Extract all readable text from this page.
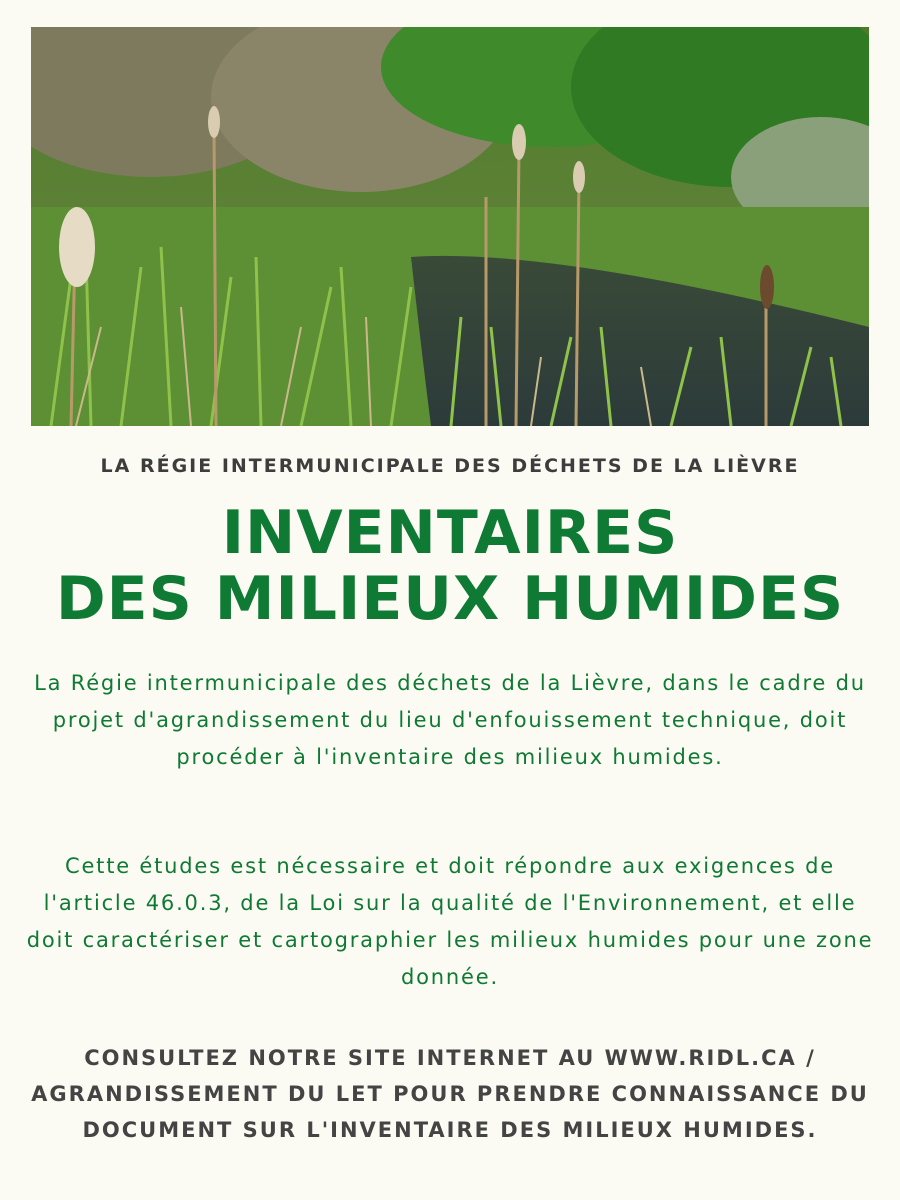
LA RÉGIE INTERMUNICIPALE DES DÉCHETS DE LA LIÈVRE
INVENTAIRES
DES MILIEUX HUMIDES
La Régie intermunicipale des déchets de la Lièvre, dans le cadre du projet d'agrandissement du lieu d'enfouissement technique, doit procéder à l'inventaire des milieux humides.
Cette études est nécessaire et doit répondre aux exigences de l'article 46.0.3, de la Loi sur la qualité de l'Environnement, et elle doit caractériser et cartographier les milieux humides pour une zone donnée.
CONSULTEZ NOTRE SITE INTERNET AU WWW.RIDL.CA /
AGRANDISSEMENT DU LET POUR PRENDRE CONNAISSANCE DU
DOCUMENT SUR L'INVENTAIRE DES MILIEUX HUMIDES.
